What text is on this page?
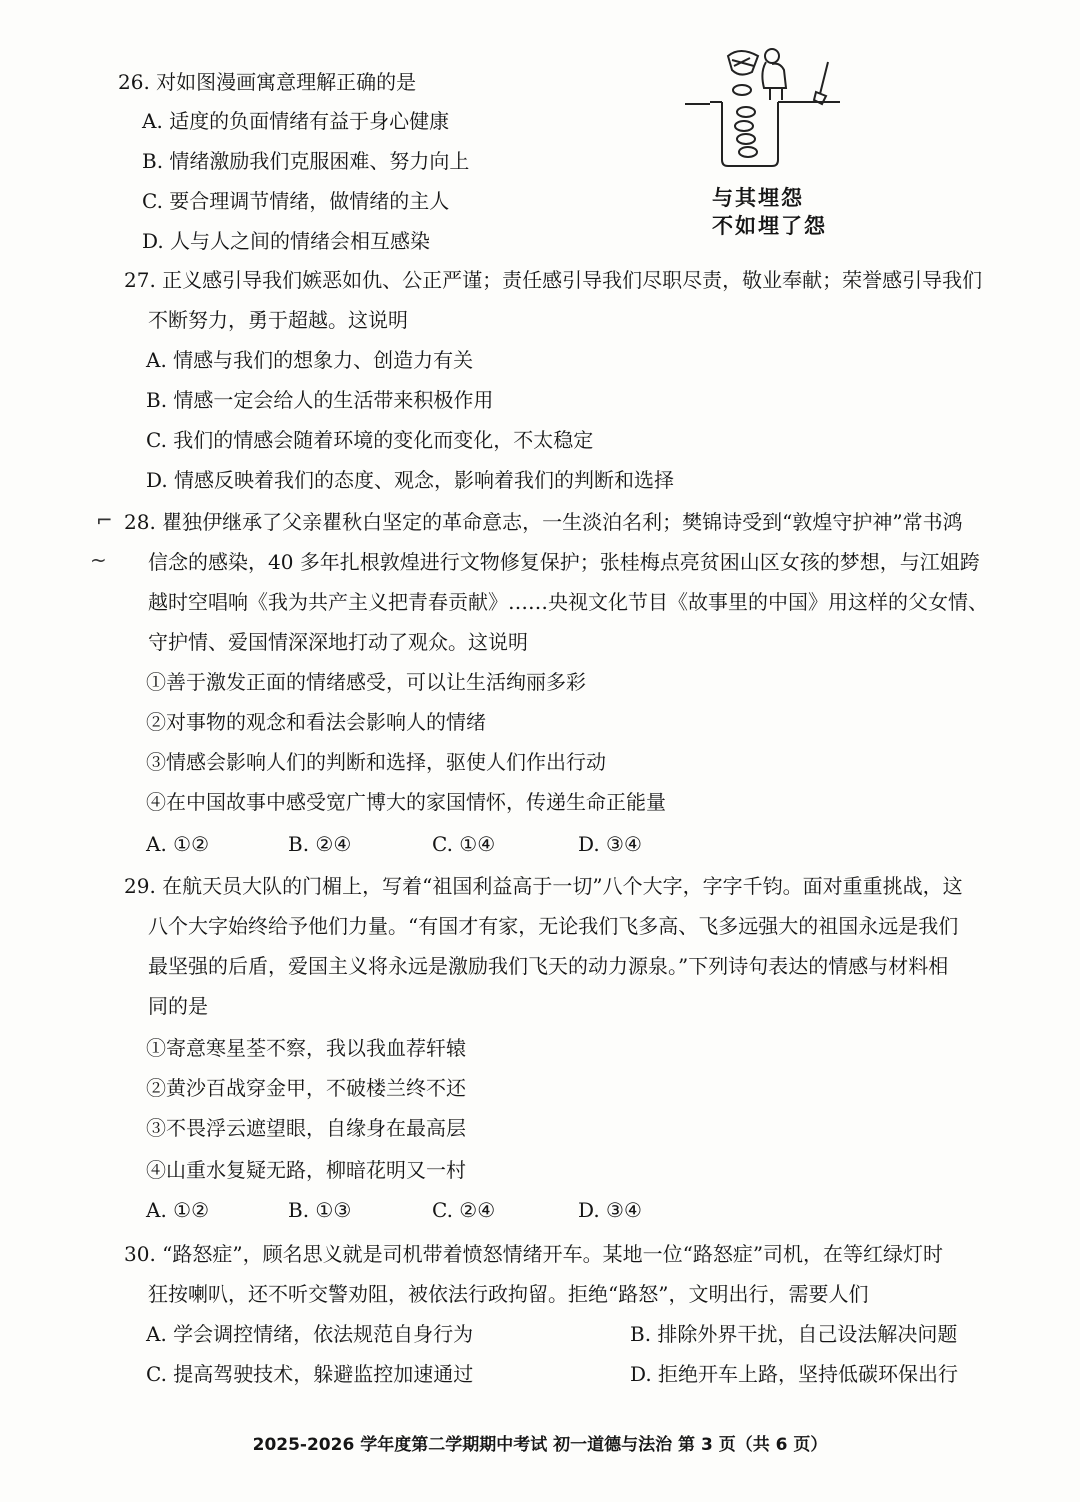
26. 对如图漫画寓意理解正确的是
A. 适度的负面情绪有益于身心健康
B. 情绪激励我们克服困难、努力向上
C. 要合理调节情绪，做情绪的主人
D. 人与人之间的情绪会相互感染
与其埋怨
不如埋了怨
27. 正义感引导我们嫉恶如仇、公正严谨；责任感引导我们尽职尽责，敬业奉献；荣誉感引导我们
不断努力，勇于超越。这说明
A. 情感与我们的想象力、创造力有关
B. 情感一定会给人的生活带来积极作用
C. 我们的情感会随着环境的变化而变化，不太稳定
D. 情感反映着我们的态度、观念，影响着我们的判断和选择
⌐
~
28. 瞿独伊继承了父亲瞿秋白坚定的革命意志，一生淡泊名利；樊锦诗受到“敦煌守护神”常书鸿
信念的感染，40 多年扎根敦煌进行文物修复保护；张桂梅点亮贫困山区女孩的梦想，与江姐跨
越时空唱响《我为共产主义把青春贡献》……央视文化节目《故事里的中国》用这样的父女情、
守护情、爱国情深深地打动了观众。这说明
①善于激发正面的情绪感受，可以让生活绚丽多彩
②对事物的观念和看法会影响人的情绪
③情感会影响人们的判断和选择，驱使人们作出行动
④在中国故事中感受宽广博大的家国情怀，传递生命正能量
A. ①②	B. ②④	C. ①④	D. ③④
29. 在航天员大队的门楣上，写着“祖国利益高于一切”八个大字，字字千钧。面对重重挑战，这
八个大字始终给予他们力量。“有国才有家，无论我们飞多高、飞多远强大的祖国永远是我们
最坚强的后盾，爱国主义将永远是激励我们飞天的动力源泉。”下列诗句表达的情感与材料相
同的是
①寄意寒星荃不察，我以我血荐轩辕
②黄沙百战穿金甲，不破楼兰终不还
③不畏浮云遮望眼，自缘身在最高层
④山重水复疑无路，柳暗花明又一村
A. ①②	B. ①③	C. ②④	D. ③④
30. “路怒症”，顾名思义就是司机带着愤怒情绪开车。某地一位“路怒症”司机，在等红绿灯时
狂按喇叭，还不听交警劝阻，被依法行政拘留。拒绝“路怒”，文明出行，需要人们
A. 学会调控情绪，依法规范自身行为	B. 排除外界干扰，自己设法解决问题
C. 提高驾驶技术，躲避监控加速通过	D. 拒绝开车上路，坚持低碳环保出行
2025-2026 学年度第二学期期中考试 初一道德与法治 第 3 页（共 6 页）
